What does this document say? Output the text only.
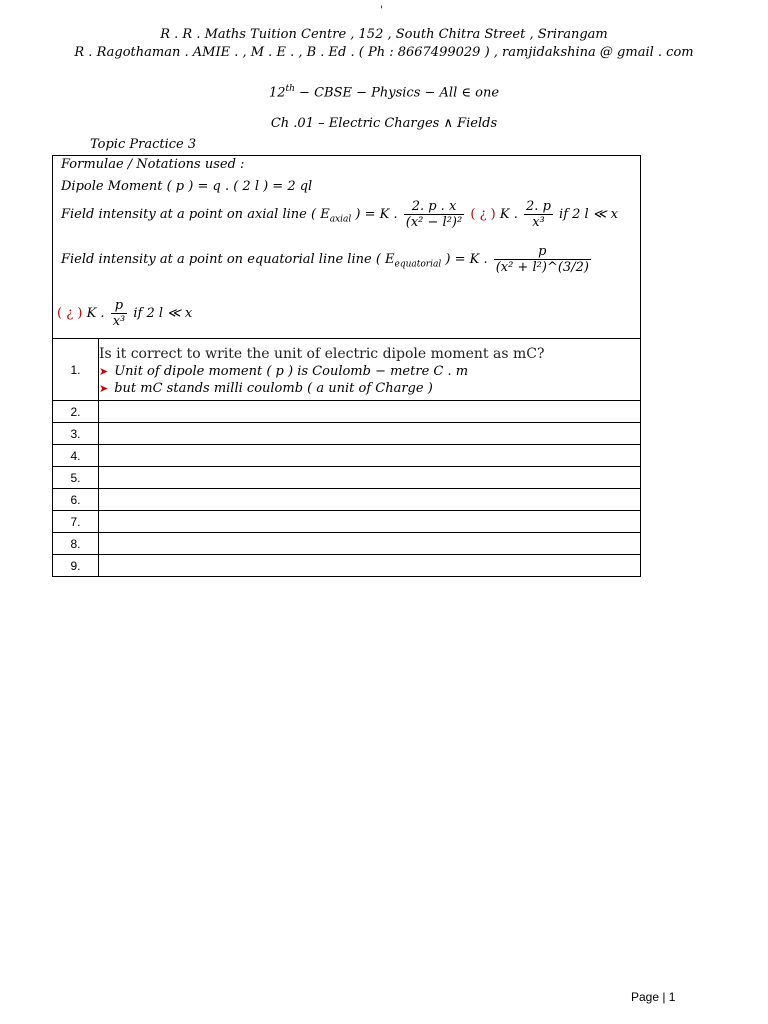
ꞌ
R . R . Maths Tuition Centre , 152 , South Chitra Street , Srirangam
R . Ragothaman . AMIE . , M . E . , B . Ed . ( Ph : 8667499029 ) , ramjidakshina @ gmail . com
12th − CBSE − Physics − All ∈ one
Ch .01 – Electric Charges ∧ Fields
Topic Practice 3
Formulae / Notations used :
Dipole Moment ( p ) = q . ( 2 l ) = 2 ql
Field intensity at a point on axial line ( $E_{axial}$ ) = K . $\frac{2. p . x}{\text{(x² − l²)²}}$ ( ¿ ) K . $\frac{2. p}{\text{x³}}$ if 2 l ≪ x
Field intensity at a point on equatorial line line ( $E_{equatorial}$ ) = K . $\frac{p}{\text{(x² + l²)\textasciicircum{}(3/2)}}$
( ¿ ) K . $\frac{p}{\text{x³}}$ if 2 l ≪ x
1.	Is it correct to write the unit of electric dipole moment as mC?
➤ Unit of dipole moment ( p ) is Coulomb − metre C . m
➤ but mC stands milli coulomb ( a unit of Charge )

2.	
3.	
4.	
5.	
6.	
7.	
8.	
9.	
Page | 1
